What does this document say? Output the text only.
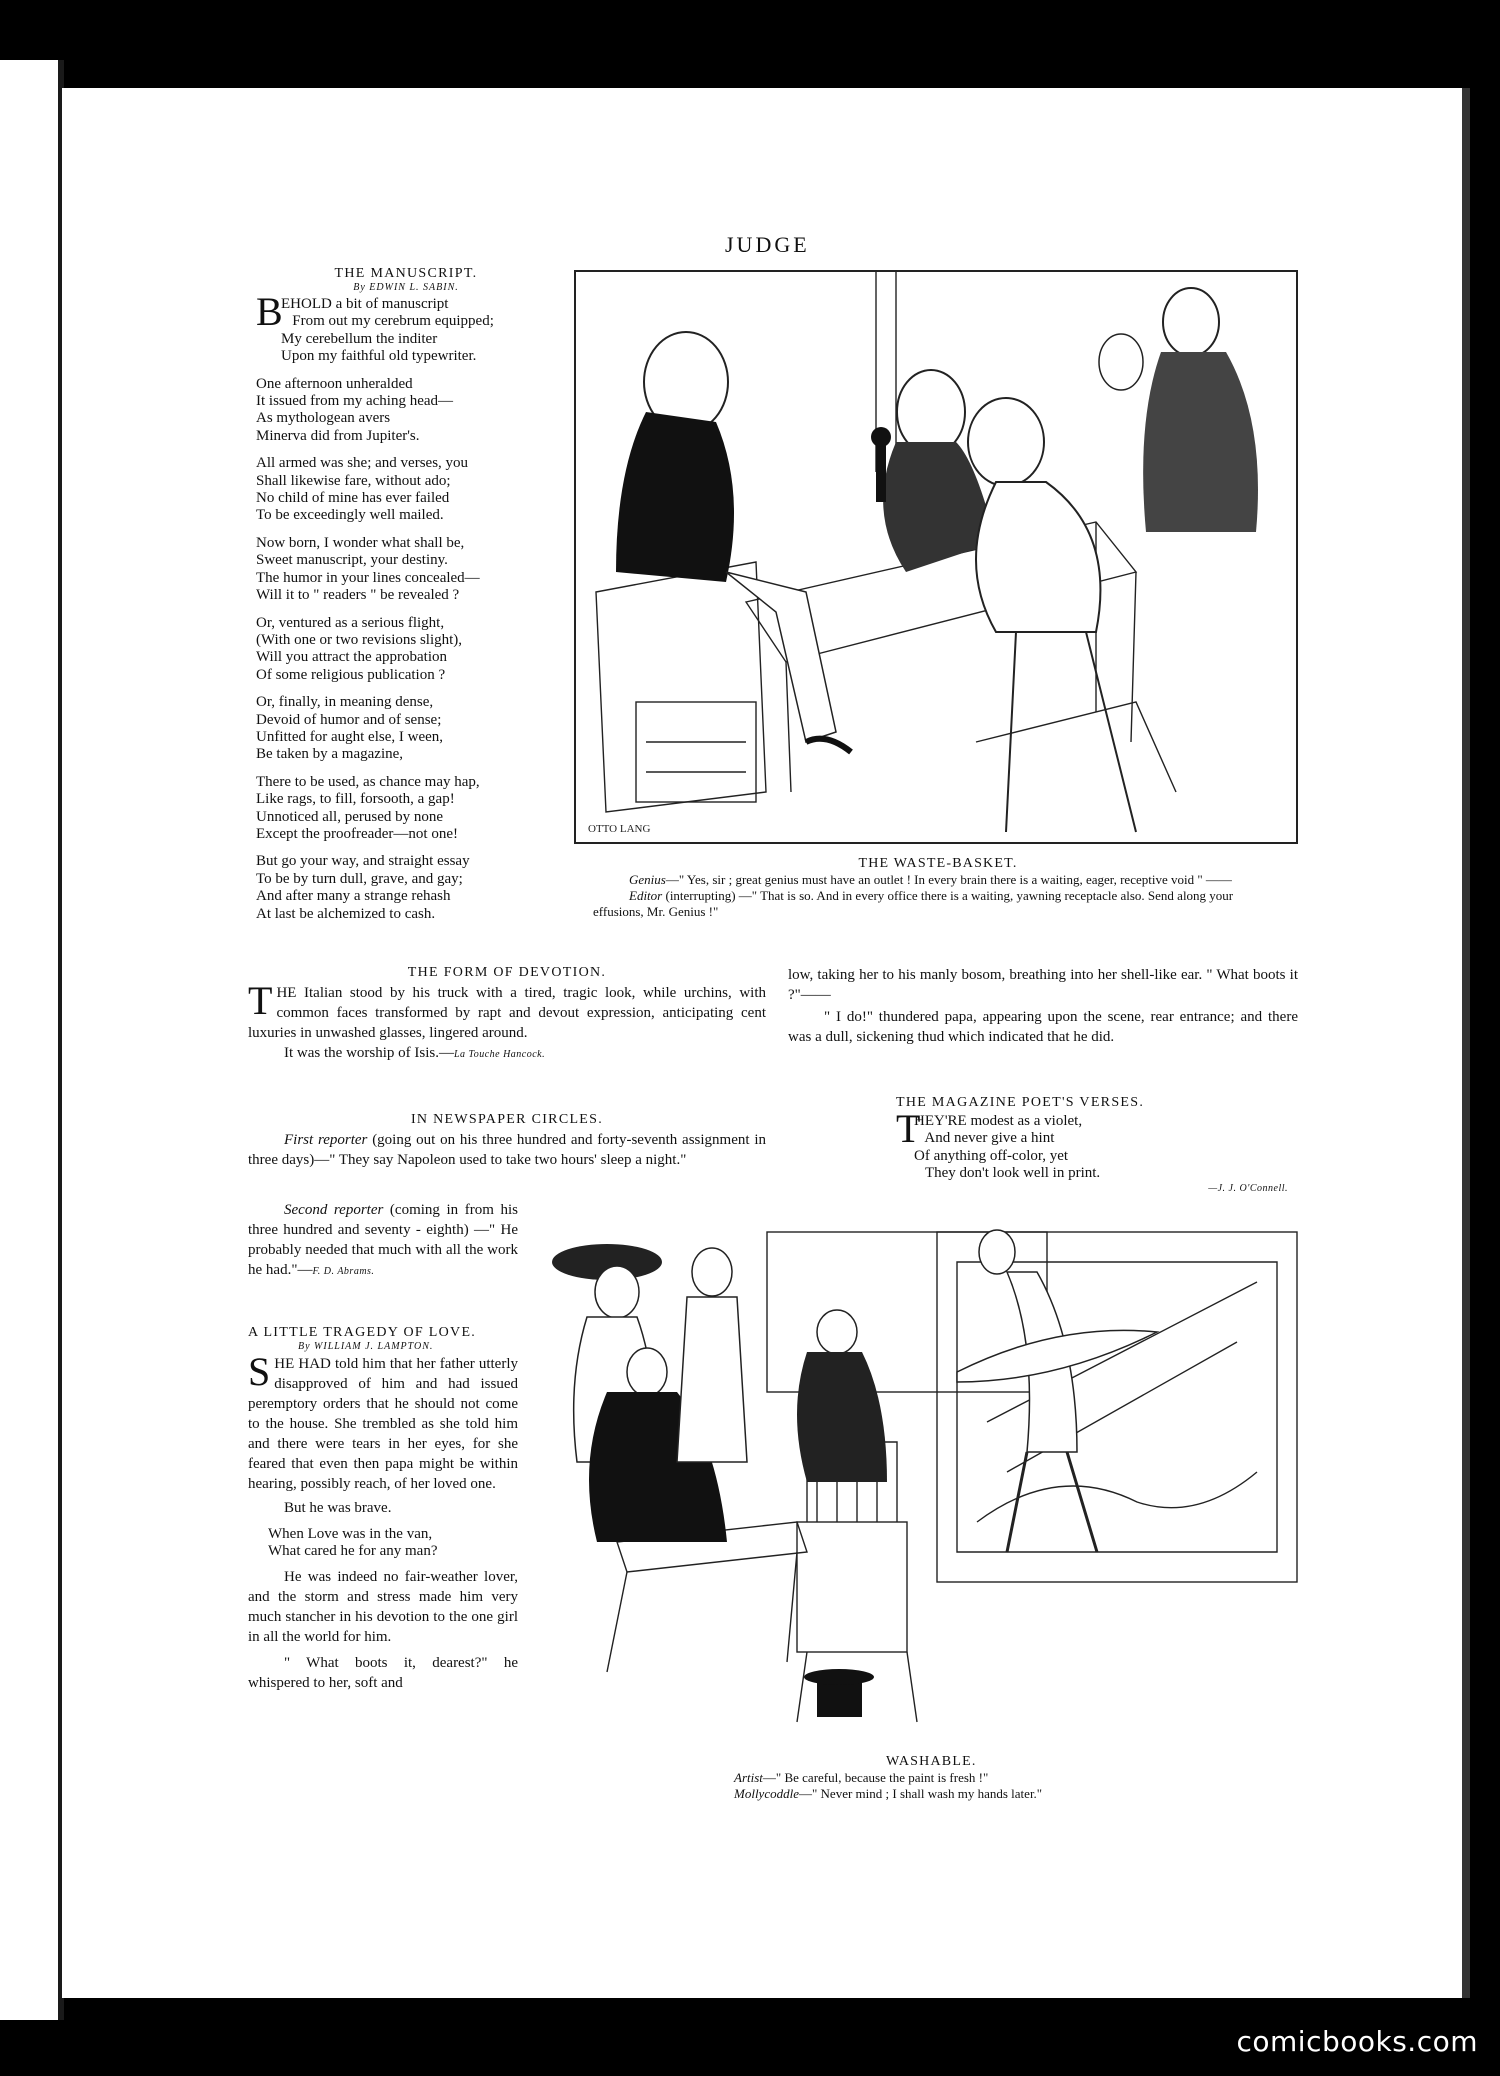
JUDGE
THE MANUSCRIPT.
By EDWIN L. SABIN.
B
EHOLD a bit of manuscript
From out my cerebrum equipped;
My cerebellum the inditer
Upon my faithful old typewriter.
One afternoon unheralded
It issued from my aching head—
As mythologean avers
Minerva did from Jupiter's.
All armed was she; and verses, you
Shall likewise fare, without ado;
No child of mine has ever failed
To be exceedingly well mailed.
Now born, I wonder what shall be,
Sweet manuscript, your destiny.
The humor in your lines concealed—
Will it to " readers " be revealed ?
Or, ventured as a serious flight,
(With one or two revisions slight),
Will you attract the approbation
Of some religious publication ?
Or, finally, in meaning dense,
Devoid of humor and of sense;
Unfitted for aught else, I ween,
Be taken by a magazine,
There to be used, as chance may hap,
Like rags, to fill, forsooth, a gap!
Unnoticed all, perused by none
Except the proofreader—not one!
But go your way, and straight essay
To be by turn dull, grave, and gay;
And after many a strange rehash
At last be alchemized to cash.
OTTO LANG
THE WASTE-BASKET.
Genius—" Yes, sir ; great genius must have an outlet ! In every brain there is a waiting, eager, receptive void " ——
Editor (interrupting) —" That is so. And in every office there is a waiting, yawning receptacle also. Send along your effusions, Mr. Genius !"
THE FORM OF DEVOTION.
T HE Italian stood by his truck with a tired, tragic look, while urchins, with common faces transformed by rapt and devout expression, anticipating cent luxuries in unwashed glasses, lingered around.

It was the worship of Isis.—La Touche Hancock.

IN NEWSPAPER CIRCLES.

First reporter (going out on his three hundred and forty-seventh assignment in three days)—" They say Napoleon used to take two hours' sleep a night."

Second reporter (coming in from his three hundred and seventy - eighth) —" He probably needed that much with all the work he had."—F. D. Abrams.

A LITTLE TRAGEDY OF LOVE.
By WILLIAM J. LAMPTON.
S HE HAD told him that her father utterly disapproved of him and had issued peremptory orders that he should not come to the house. She trembled as she told him and there were tears in her eyes, for she feared that even then papa might be within hearing, possibly reach, of her loved one.

But he was brave.

When Love was in the van,
What cared he for any man?

He was indeed no fair-weather lover, and the storm and stress made him very much stancher in his devotion to the one girl in all the world for him.

" What boots it, dearest?" he whispered to her, soft and

low, taking her to his manly bosom, breathing into her shell-like ear. " What boots it ?"——

" I do!" thundered papa, appearing upon the scene, rear entrance; and there was a dull, sickening thud which indicated that he did.

THE MAGAZINE POET'S VERSES.
T
HEY'RE modest as a violet,
And never give a hint
Of anything off-color, yet
They don't look well in print.
—J. J. O'Connell.
WASHABLE.
Artist—" Be careful, because the paint is fresh !"
Mollycoddle—" Never mind ; I shall wash my hands later."
comicbooks.com
